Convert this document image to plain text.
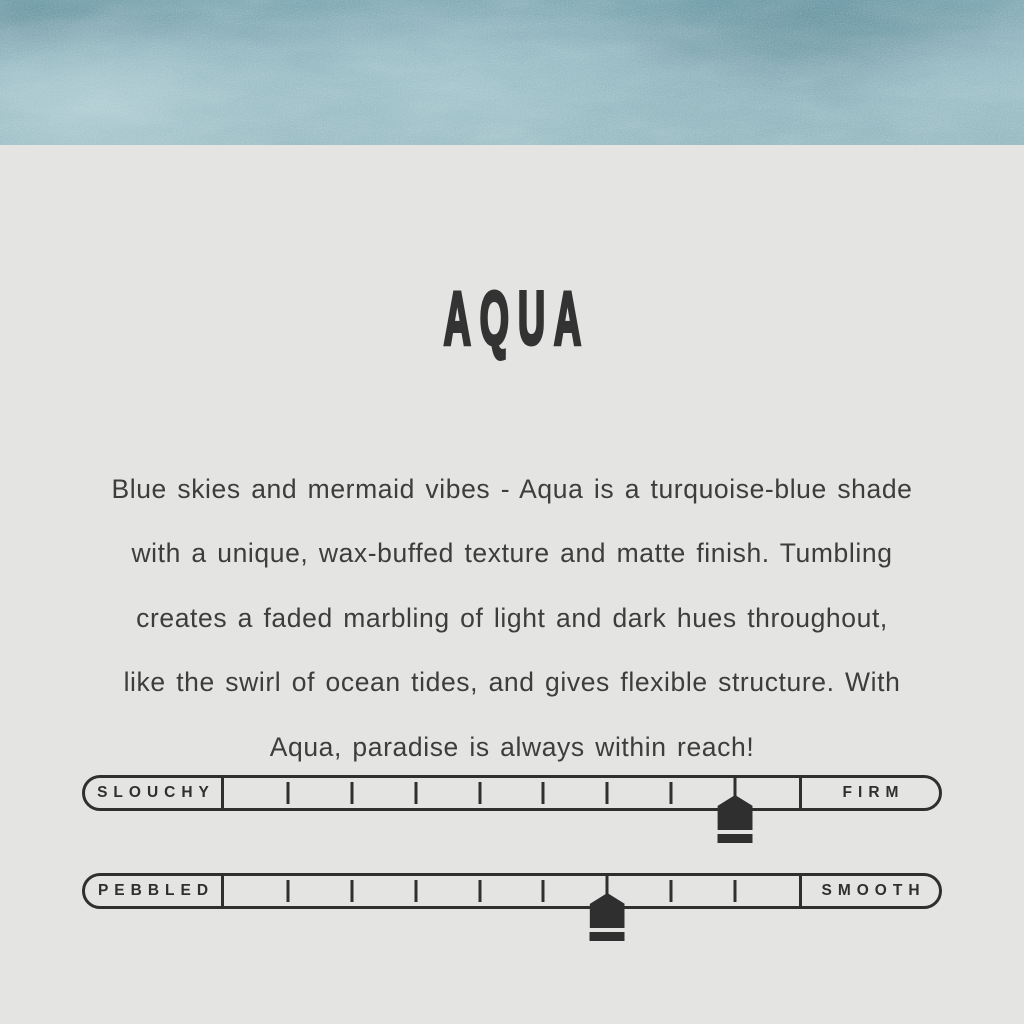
AQUA
Blue skies and mermaid vibes - Aqua is a turquoise-blue shade
with a unique, wax-buffed texture and matte finish. Tumbling
creates a faded marbling of light and dark hues throughout,
like the swirl of ocean tides, and gives flexible structure. With
Aqua, paradise is always within reach!
SLOUCHY	FIRM
PEBBLED	SMOOTH
